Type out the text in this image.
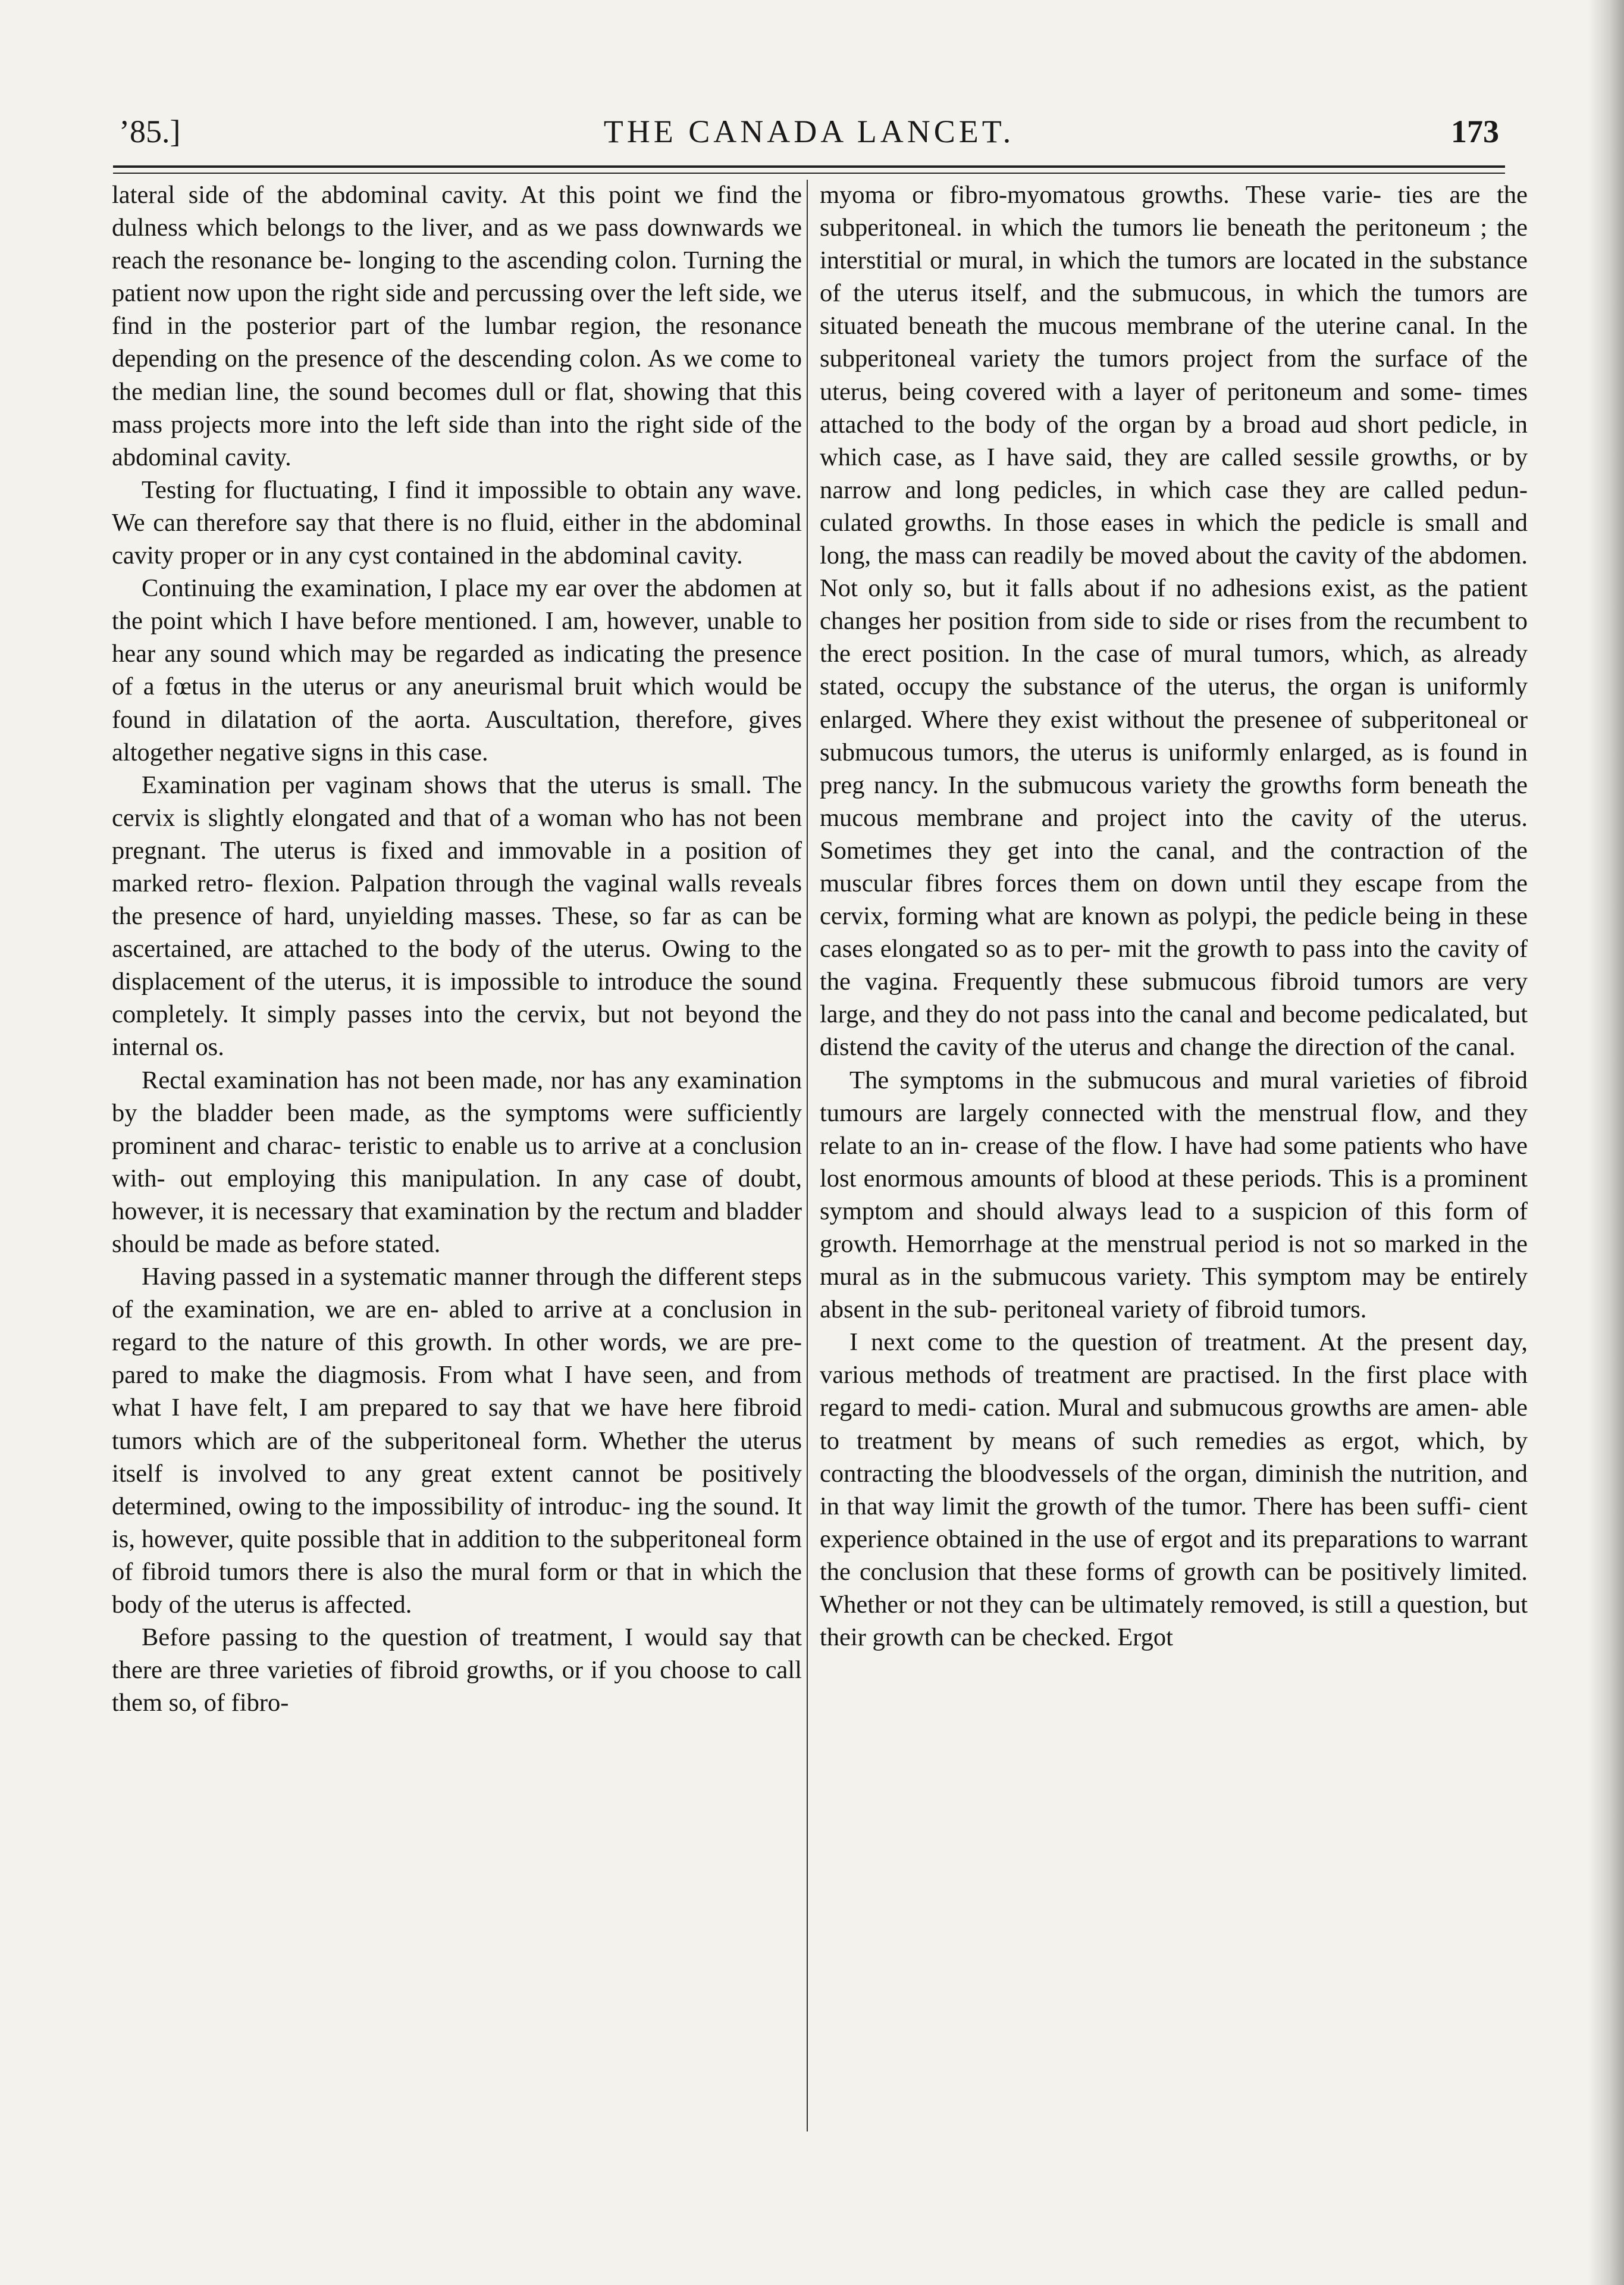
’85.]	THE CANADA LANCET.	173

lateral side of the abdominal cavity. At this point we find the dulness which belongs to the liver, and as we pass downwards we reach the resonance be- longing to the ascending colon. Turning the patient now upon the right side and percussing over the left side, we find in the posterior part of the lumbar region, the resonance depending on the presence of the descending colon. As we come to the median line, the sound becomes dull or flat, showing that this mass projects more into the left side than into the right side of the abdominal cavity.

Testing for fluctuating, I find it impossible to obtain any wave. We can therefore say that there is no fluid, either in the abdominal cavity proper or in any cyst contained in the abdominal cavity.

Continuing the examination, I place my ear over the abdomen at the point which I have before mentioned. I am, however, unable to hear any sound which may be regarded as indicating the presence of a fœtus in the uterus or any aneurismal bruit which would be found in dilatation of the aorta. Auscultation, therefore, gives altogether negative signs in this case.

Examination per vaginam shows that the uterus is small. The cervix is slightly elongated and that of a woman who has not been pregnant. The uterus is fixed and immovable in a position of marked retro- flexion. Palpation through the vaginal walls reveals the presence of hard, unyielding masses. These, so far as can be ascertained, are attached to the body of the uterus. Owing to the displacement of the uterus, it is impossible to introduce the sound completely. It simply passes into the cervix, but not beyond the internal os.

Rectal examination has not been made, nor has any examination by the bladder been made, as the symptoms were sufficiently prominent and charac- teristic to enable us to arrive at a conclusion with- out employing this manipulation. In any case of doubt, however, it is necessary that examination by the rectum and bladder should be made as before stated.

Having passed in a systematic manner through the different steps of the examination, we are en- abled to arrive at a conclusion in regard to the nature of this growth. In other words, we are pre- pared to make the diagmosis. From what I have seen, and from what I have felt, I am prepared to say that we have here fibroid tumors which are of the subperitoneal form. Whether the uterus itself is involved to any great extent cannot be positively determined, owing to the impossibility of introduc- ing the sound. It is, however, quite possible that in addition to the subperitoneal form of fibroid tumors there is also the mural form or that in which the body of the uterus is affected.

Before passing to the question of treatment, I would say that there are three varieties of fibroid growths, or if you choose to call them so, of fibro-

myoma or fibro-myomatous growths. These varie- ties are the subperitoneal. in which the tumors lie beneath the peritoneum ; the interstitial or mural, in which the tumors are located in the substance of the uterus itself, and the submucous, in which the tumors are situated beneath the mucous membrane of the uterine canal. In the subperitoneal variety the tumors project from the surface of the uterus, being covered with a layer of peritoneum and some- times attached to the body of the organ by a broad aud short pedicle, in which case, as I have said, they are called sessile growths, or by narrow and long pedicles, in which case they are called pedun- culated growths. In those eases in which the pedicle is small and long, the mass can readily be moved about the cavity of the abdomen. Not only so, but it falls about if no adhesions exist, as the patient changes her position from side to side or rises from the recumbent to the erect position. In the case of mural tumors, which, as already stated, occupy the substance of the uterus, the organ is uniformly enlarged. Where they exist without the presenee of subperitoneal or submucous tumors, the uterus is uniformly enlarged, as is found in preg nancy. In the submucous variety the growths form beneath the mucous membrane and project into the cavity of the uterus. Sometimes they get into the canal, and the contraction of the muscular fibres forces them on down until they escape from the cervix, forming what are known as polypi, the pedicle being in these cases elongated so as to per- mit the growth to pass into the cavity of the vagina. Frequently these submucous fibroid tumors are very large, and they do not pass into the canal and become pedicalated, but distend the cavity of the uterus and change the direction of the canal.

The symptoms in the submucous and mural varieties of fibroid tumours are largely connected with the menstrual flow, and they relate to an in- crease of the flow. I have had some patients who have lost enormous amounts of blood at these periods. This is a prominent symptom and should always lead to a suspicion of this form of growth. Hemorrhage at the menstrual period is not so marked in the mural as in the submucous variety. This symptom may be entirely absent in the sub- peritoneal variety of fibroid tumors.

I next come to the question of treatment. At the present day, various methods of treatment are practised. In the first place with regard to medi- cation. Mural and submucous growths are amen- able to treatment by means of such remedies as ergot, which, by contracting the bloodvessels of the organ, diminish the nutrition, and in that way limit the growth of the tumor. There has been suffi- cient experience obtained in the use of ergot and its preparations to warrant the conclusion that these forms of growth can be positively limited. Whether or not they can be ultimately removed, is still a question, but their growth can be checked. Ergot
